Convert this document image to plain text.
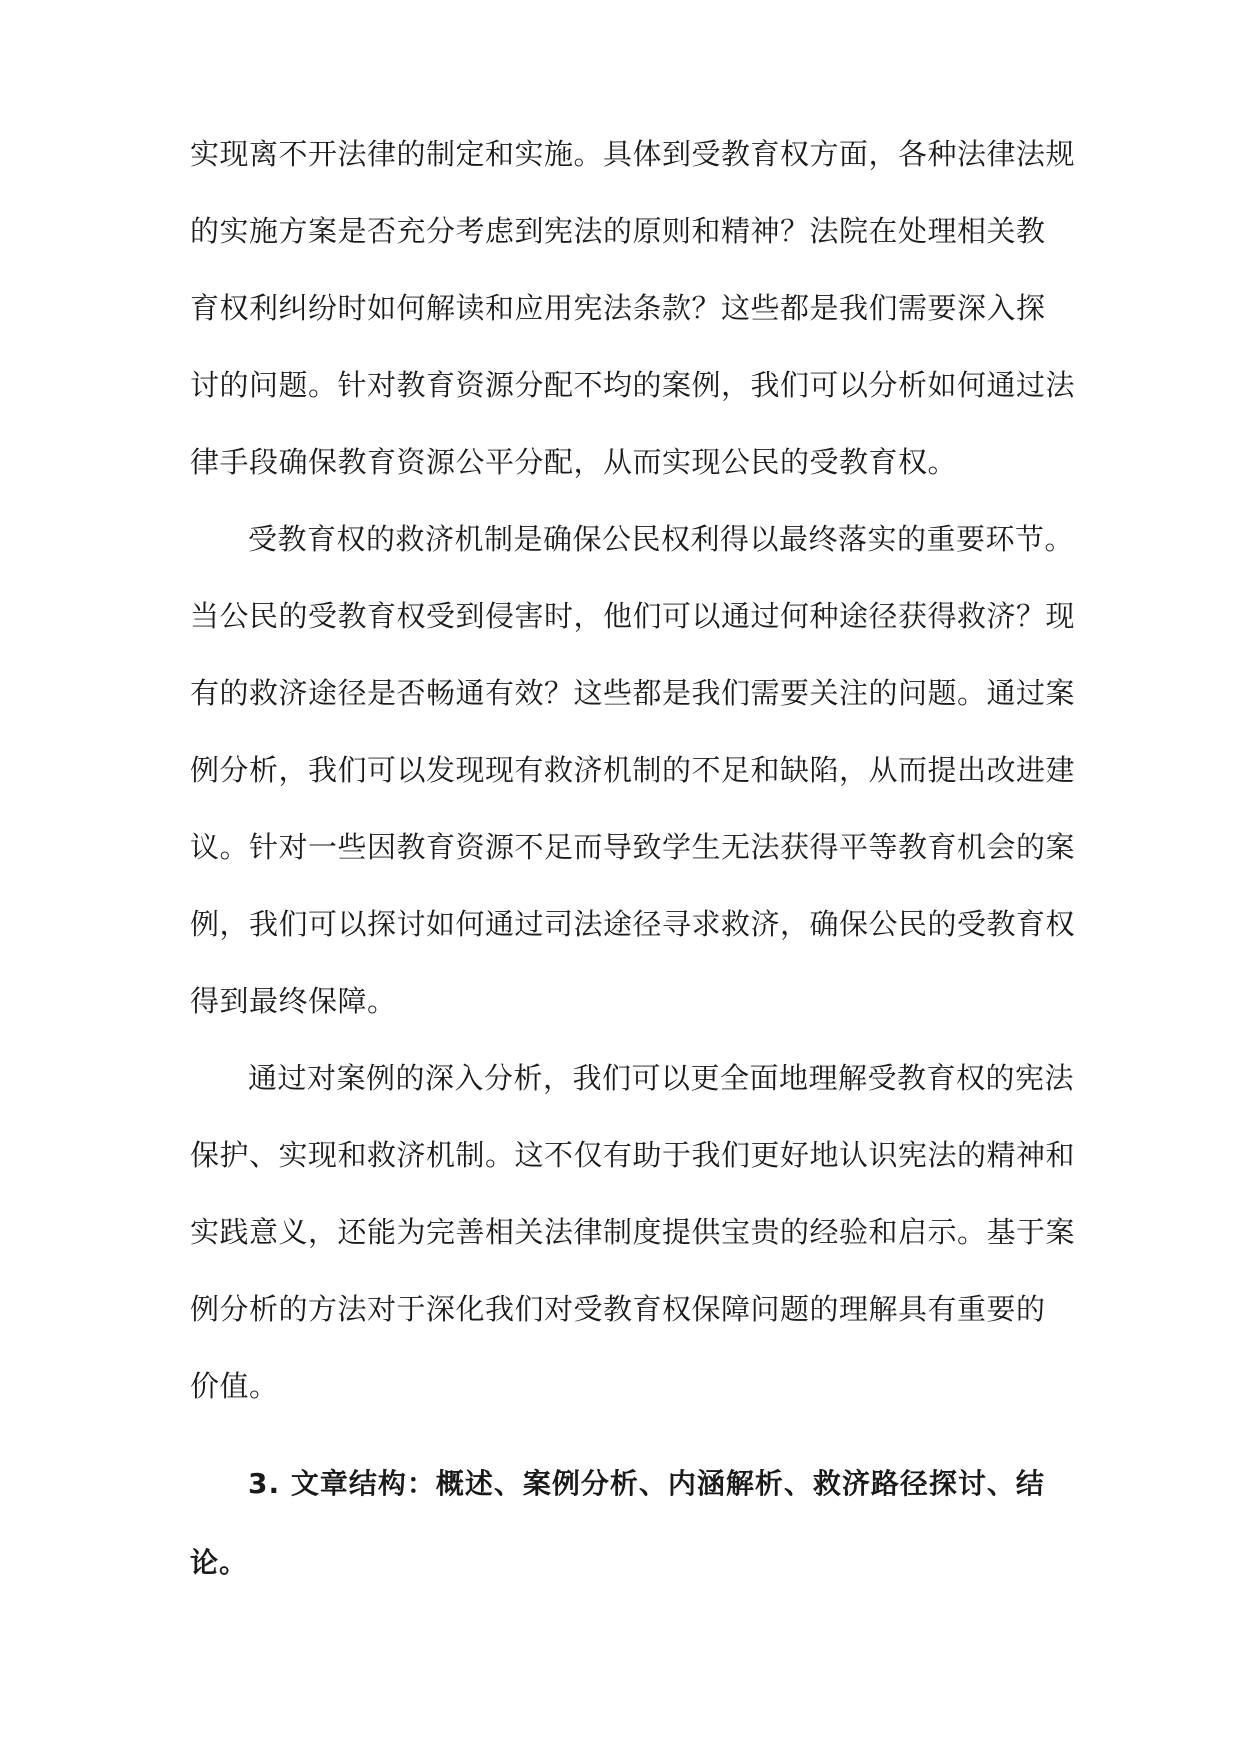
实现离不开法律的制定和实施。具体到受教育权方面，各种法律法规
的实施方案是否充分考虑到宪法的原则和精神？法院在处理相关教
育权利纠纷时如何解读和应用宪法条款？这些都是我们需要深入探
讨的问题。针对教育资源分配不均的案例，我们可以分析如何通过法
律手段确保教育资源公平分配，从而实现公民的受教育权。
受教育权的救济机制是确保公民权利得以最终落实的重要环节。
当公民的受教育权受到侵害时，他们可以通过何种途径获得救济？现
有的救济途径是否畅通有效？这些都是我们需要关注的问题。通过案
例分析，我们可以发现现有救济机制的不足和缺陷，从而提出改进建
议。针对一些因教育资源不足而导致学生无法获得平等教育机会的案
例，我们可以探讨如何通过司法途径寻求救济，确保公民的受教育权
得到最终保障。
通过对案例的深入分析，我们可以更全面地理解受教育权的宪法
保护、实现和救济机制。这不仅有助于我们更好地认识宪法的精神和
实践意义，还能为完善相关法律制度提供宝贵的经验和启示。基于案
例分析的方法对于深化我们对受教育权保障问题的理解具有重要的
价值。
3. 文章结构：概述、案例分析、内涵解析、救济路径探讨、结
论。
